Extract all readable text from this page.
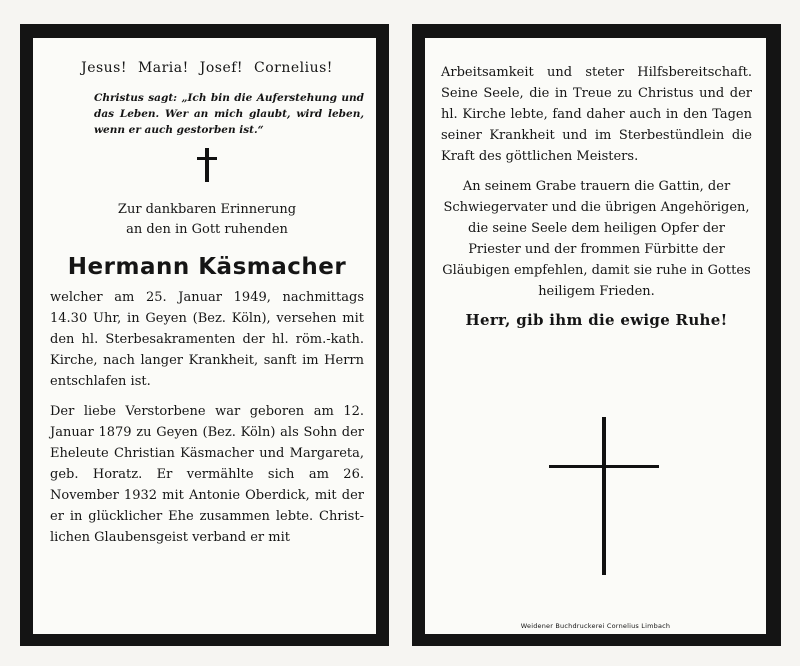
Jesus! Maria! Josef! Cornelius!

Christus sagt: „Ich bin die Auferstehung und das Leben. Wer an mich glaubt, wird leben, wenn er auch gestorben ist.“

Zur dankbaren Erinnerung

an den in Gott ruhenden

Hermann Käsmacher

welcher am 25. Januar 1949, nachmittags 14.30 Uhr, in Geyen (Bez. Köln), versehen mit den hl. Sterbesakramenten der hl. röm.-kath. Kirche, nach langer Krankheit, sanft im Herrn entschlafen ist.

Der liebe Verstorbene war geboren am 12. Januar 1879 zu Geyen (Bez. Köln) als Sohn der Eheleute Christian Käsmacher und Margareta, geb. Horatz. Er vermählte sich am 26. November 1932 mit Antonie Oberdick, mit der er in glücklicher Ehe zusammen lebte. Christlichen Glaubensgeist verband er mit

Arbeitsamkeit und steter Hilfsbereitschaft. Seine Seele, die in Treue zu Christus und der hl. Kirche lebte, fand daher auch in den Tagen seiner Krankheit und im Sterbestündlein die Kraft des göttlichen Meisters.

An seinem Grabe trauern die Gattin, der Schwiegervater und die übrigen Angehörigen, die seine Seele dem heiligen Opfer der Priester und der frommen Fürbitte der Gläubigen empfehlen, damit sie ruhe in Gottes heiligem Frieden.

Herr, gib ihm die ewige Ruhe!

Weidener Buchdruckerei Cornelius Limbach
